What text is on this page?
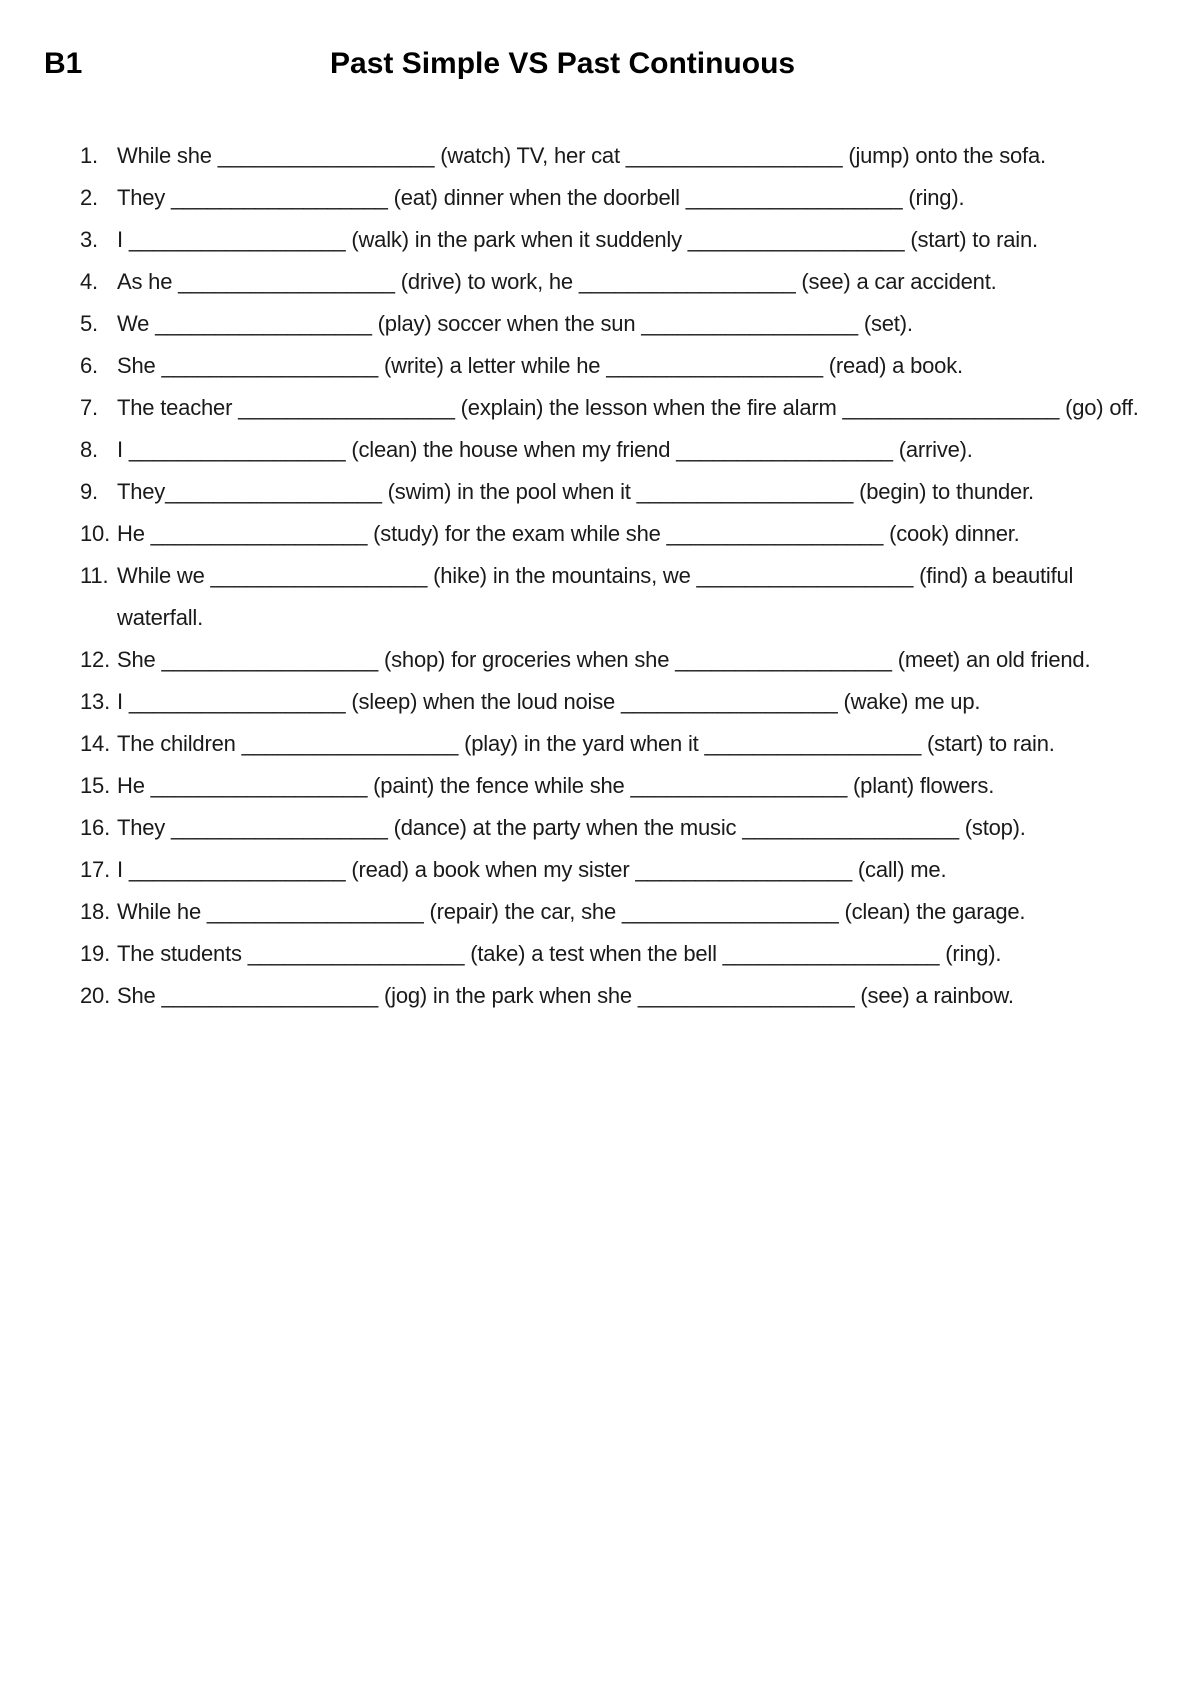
B1	Past Simple VS Past Continuous
1. While she __________________ (watch) TV, her cat __________________ (jump) onto the sofa.
2. They __________________ (eat) dinner when the doorbell __________________ (ring).
3. I __________________ (walk) in the park when it suddenly __________________ (start) to rain.
4. As he __________________ (drive) to work, he __________________ (see) a car accident.
5. We __________________ (play) soccer when the sun __________________ (set).
6. She __________________ (write) a letter while he __________________ (read) a book.
7. The teacher __________________ (explain) the lesson when the fire alarm __________________ (go) off.
8. I __________________ (clean) the house when my friend __________________ (arrive).
9. They__________________ (swim) in the pool when it __________________ (begin) to thunder.
10. He __________________ (study) for the exam while she __________________ (cook) dinner.
11. While we __________________ (hike) in the mountains, we __________________ (find) a beautiful waterfall.
12. She __________________ (shop) for groceries when she __________________ (meet) an old friend.
13. I __________________ (sleep) when the loud noise __________________ (wake) me up.
14. The children __________________ (play) in the yard when it __________________ (start) to rain.
15. He __________________ (paint) the fence while she __________________ (plant) flowers.
16. They __________________ (dance) at the party when the music __________________ (stop).
17. I __________________ (read) a book when my sister __________________ (call) me.
18. While he __________________ (repair) the car, she __________________ (clean) the garage.
19. The students __________________ (take) a test when the bell __________________ (ring).
20. She __________________ (jog) in the park when she __________________ (see) a rainbow.
